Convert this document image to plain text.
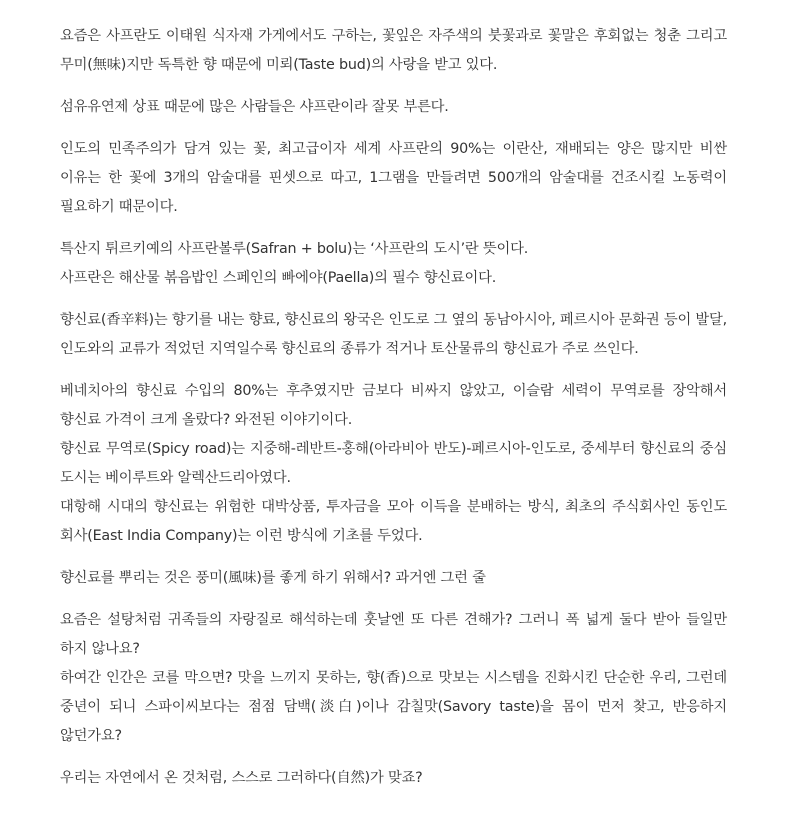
요즘은 사프란도 이태원 식자재 가게에서도 구하는, 꽃잎은 자주색의 붓꽃과로 꽃말은 후회없는 청춘 그리고 무미(無味)지만 독특한 향 때문에 미뢰(Taste bud)의 사랑을 받고 있다.
섬유유연제 상표 때문에 많은 사람들은 샤프란이라 잘못 부른다.
인도의 민족주의가 담겨 있는 꽃, 최고급이자 세계 사프란의 90%는 이란산, 재배되는 양은 많지만 비싼 이유는 한 꽃에 3개의 암술대를 핀셋으로 따고, 1그램을 만들려면 500개의 암술대를 건조시킬 노동력이 필요하기 때문이다.
특산지 튀르키예의 사프란볼루(Safran + bolu)는 ‘사프란의 도시’란 뜻이다.
사프란은 해산물 볶음밥인 스페인의 빠에야(Paella)의 필수 향신료이다.
향신료(香辛料)는 향기를 내는 향료, 향신료의 왕국은 인도로 그 옆의 동남아시아, 페르시아 문화권 등이 발달, 인도와의 교류가 적었던 지역일수록 향신료의 종류가 적거나 토산물류의 향신료가 주로 쓰인다.
베네치아의 향신료 수입의 80%는 후추였지만 금보다 비싸지 않았고, 이슬람 세력이 무역로를 장악해서 향신료 가격이 크게 올랐다? 와전된 이야기이다.
향신료 무역로(Spicy road)는 지중해-레반트-홍해(아라비아 반도)-페르시아-인도로, 중세부터 향신료의 중심 도시는 베이루트와 알렉산드리아였다.
대항해 시대의 향신료는 위험한 대박상품, 투자금을 모아 이득을 분배하는 방식, 최초의 주식회사인 동인도 회사(East India Company)는 이런 방식에 기초를 두었다.
향신료를 뿌리는 것은 풍미(風味)를 좋게 하기 위해서? 과거엔 그런 줄
요즘은 설탕처럼 귀족들의 자랑질로 해석하는데 훗날엔 또 다른 견해가? 그러니 폭 넓게 둘다 받아 들일만 하지 않나요?
하여간 인간은 코를 막으면? 맛을 느끼지 못하는, 향(香)으로 맛보는 시스템을 진화시킨 단순한 우리, 그런데 중년이 되니 스파이씨보다는 점점 담백(淡白)이나 감칠맛(Savory taste)을 몸이 먼저 찾고, 반응하지 않던가요?
우리는 자연에서 온 것처럼, 스스로 그러하다(自然)가 맞죠?
